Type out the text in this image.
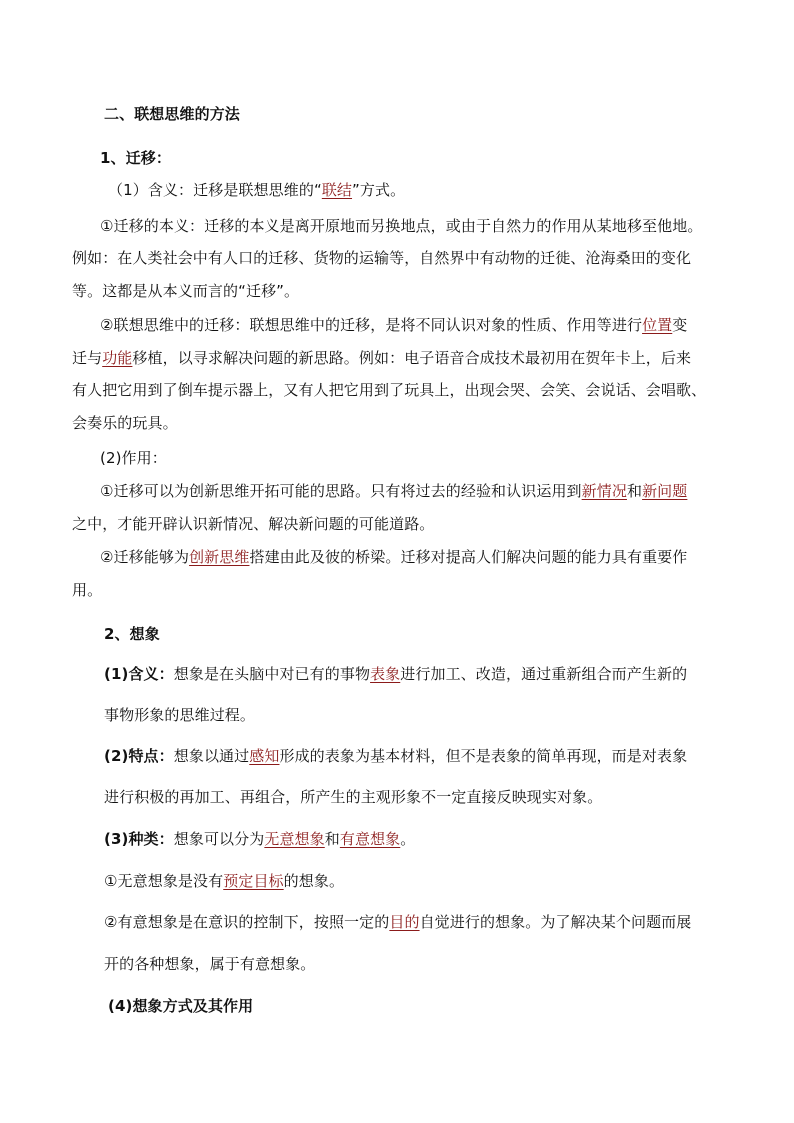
二、联想思维的方法
1、迁移：
（1）含义：迁移是联想思维的“联结”方式。
①迁移的本义：迁移的本义是离开原地而另换地点，或由于自然力的作用从某地移至他地。
例如：在人类社会中有人口的迁移、货物的运输等，自然界中有动物的迁徙、沧海桑田的变化
等。这都是从本义而言的“迁移”。
②联想思维中的迁移：联想思维中的迁移，是将不同认识对象的性质、作用等进行位置变
迁与功能移植，以寻求解决问题的新思路。例如：电子语音合成技术最初用在贺年卡上，后来
有人把它用到了倒车提示器上，又有人把它用到了玩具上，出现会哭、会笑、会说话、会唱歌、
会奏乐的玩具。
(2)作用：
①迁移可以为创新思维开拓可能的思路。只有将过去的经验和认识运用到新情况和新问题
之中，才能开辟认识新情况、解决新问题的可能道路。
②迁移能够为创新思维搭建由此及彼的桥梁。迁移对提高人们解决问题的能力具有重要作
用。
2、想象
(1)含义：想象是在头脑中对已有的事物表象进行加工、改造，通过重新组合而产生新的
事物形象的思维过程。
(2)特点：想象以通过感知形成的表象为基本材料，但不是表象的简单再现，而是对表象
进行积极的再加工、再组合，所产生的主观形象不一定直接反映现实对象。
(3)种类：想象可以分为无意想象和有意想象。
①无意想象是没有预定目标的想象。
②有意想象是在意识的控制下，按照一定的目的自觉进行的想象。为了解决某个问题而展
开的各种想象，属于有意想象。
(4)想象方式及其作用
